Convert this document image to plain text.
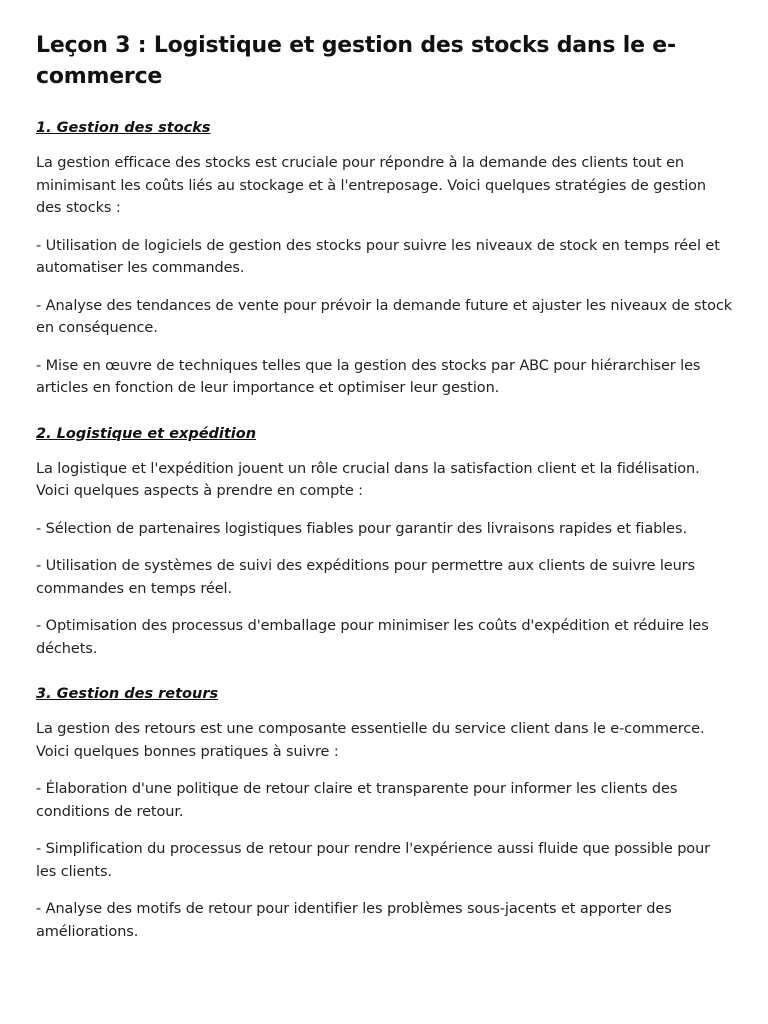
Leçon 3 : Logistique et gestion des stocks dans le e-commerce
1. Gestion des stocks

La gestion efficace des stocks est cruciale pour répondre à la demande des clients tout en minimisant les coûts liés au stockage et à l'entreposage. Voici quelques stratégies de gestion des stocks :

- Utilisation de logiciels de gestion des stocks pour suivre les niveaux de stock en temps réel et automatiser les commandes.

- Analyse des tendances de vente pour prévoir la demande future et ajuster les niveaux de stock en conséquence.

- Mise en œuvre de techniques telles que la gestion des stocks par ABC pour hiérarchiser les articles en fonction de leur importance et optimiser leur gestion.

2. Logistique et expédition

La logistique et l'expédition jouent un rôle crucial dans la satisfaction client et la fidélisation. Voici quelques aspects à prendre en compte :

- Sélection de partenaires logistiques fiables pour garantir des livraisons rapides et fiables.

- Utilisation de systèmes de suivi des expéditions pour permettre aux clients de suivre leurs commandes en temps réel.

- Optimisation des processus d'emballage pour minimiser les coûts d'expédition et réduire les déchets.

3. Gestion des retours

La gestion des retours est une composante essentielle du service client dans le e-commerce. Voici quelques bonnes pratiques à suivre :

- Élaboration d'une politique de retour claire et transparente pour informer les clients des conditions de retour.

- Simplification du processus de retour pour rendre l'expérience aussi fluide que possible pour les clients.

- Analyse des motifs de retour pour identifier les problèmes sous-jacents et apporter des améliorations.
